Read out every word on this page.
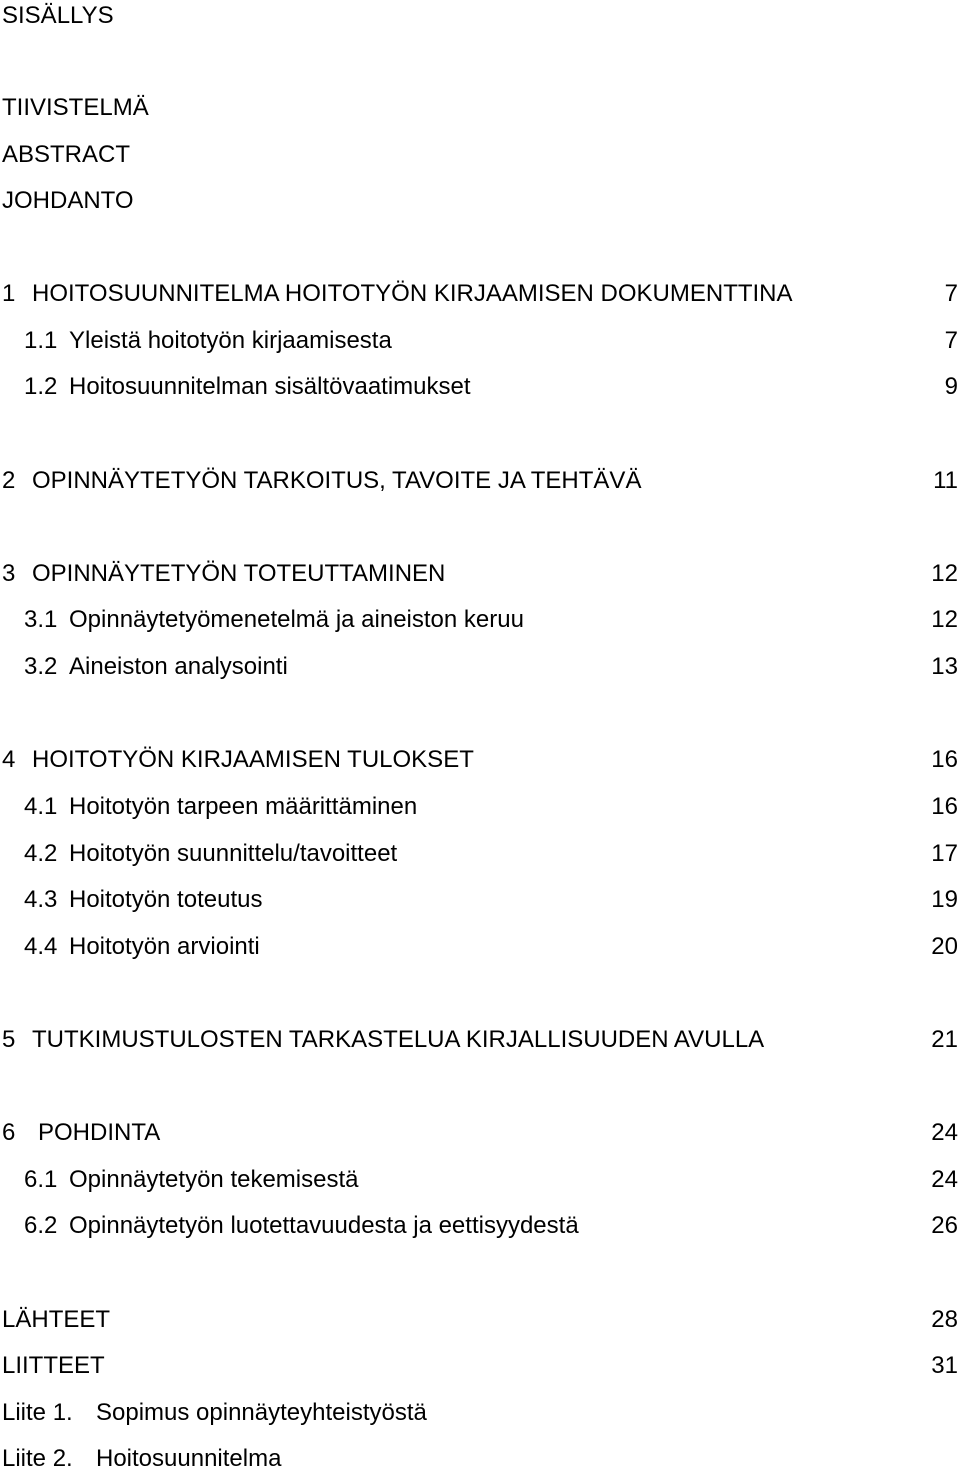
SISÄLLYS
TIIVISTELMÄ
ABSTRACT
JOHDANTO
1 HOITOSUUNNITELMA HOITOTYÖN KIRJAAMISEN DOKUMENTTINA	7
1.1 Yleistä hoitotyön kirjaamisesta	7
1.2 Hoitosuunnitelman sisältövaatimukset	9
2 OPINNÄYTETYÖN TARKOITUS, TAVOITE JA TEHTÄVÄ	11
3 OPINNÄYTETYÖN TOTEUTTAMINEN	12
3.1 Opinnäytetyömenetelmä ja aineiston keruu	12
3.2 Aineiston analysointi	13
4 HOITOTYÖN KIRJAAMISEN TULOKSET	16
4.1 Hoitotyön tarpeen määrittäminen	16
4.2 Hoitotyön suunnittelu/tavoitteet	17
4.3 Hoitotyön toteutus	19
4.4 Hoitotyön arviointi	20
5 TUTKIMUSTULOSTEN TARKASTELUA KIRJALLISUUDEN AVULLA	21
6 POHDINTA	24
6.1 Opinnäytetyön tekemisestä	24
6.2 Opinnäytetyön luotettavuudesta ja eettisyydestä	26
LÄHTEET	28
LIITTEET	31
Liite 1. Sopimus opinnäyteyhteistyöstä
Liite 2. Hoitosuunnitelma
